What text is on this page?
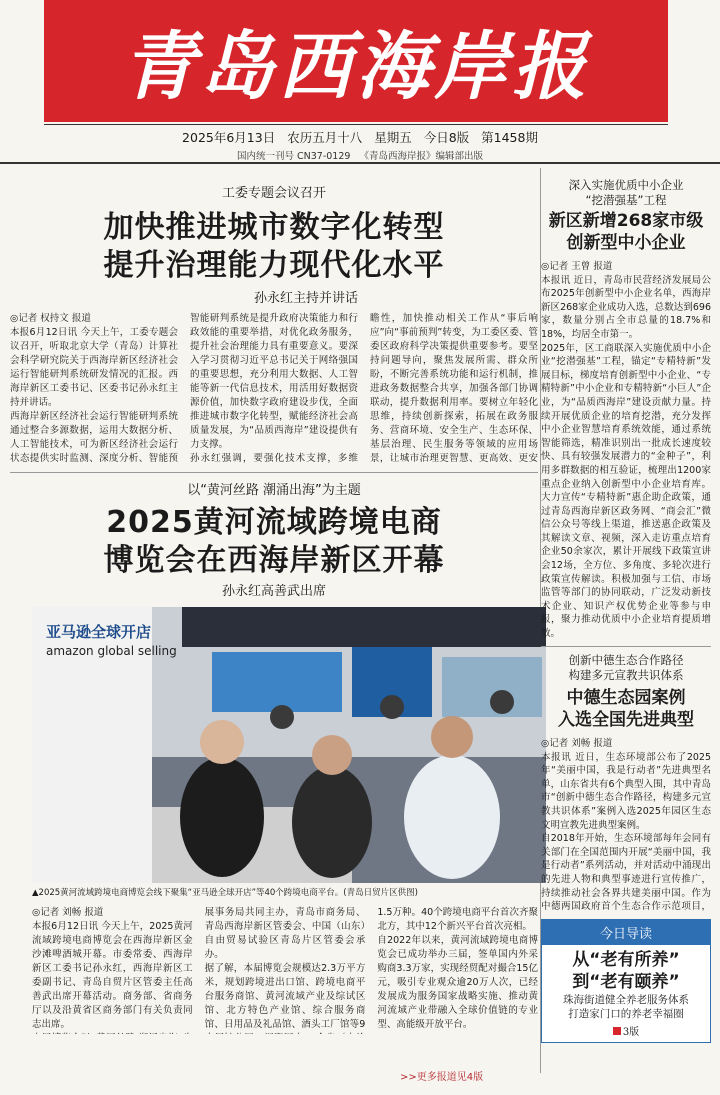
青岛西海岸报
2025年6月13日 农历五月十八 星期五 今日8版 第1458期
国内统一刊号 CN37-0129 《青岛西海岸报》编辑部出版
工委专题会议召开
加快推进城市数字化转型
提升治理能力现代化水平
孙永红主持并讲话
◎记者 权持文 报道
本报6月12日讯 今天上午，工委专题会议召开，听取北京大学（青岛）计算社会科学研究院关于西海岸新区经济社会运行智能研判系统研发情况的汇报。西海岸新区工委书记、区委书记孙永红主持并讲话。
西海岸新区经济社会运行智能研判系统通过整合多源数据，运用大数据分析、人工智能技术，可为新区经济社会运行状态提供实时监测、深度分析、智能预

智能研判系统是提升政府决策能力和行政效能的重要举措，对优化政务服务，提升社会治理能力具有重要意义。要深入学习贯彻习近平总书记关于网络强国的重要思想，充分利用大数据、人工智能等新一代信息技术，用活用好数据资源价值，加快数字政府建设步伐，全面推进城市数字化转型，赋能经济社会高质量发展，为“品质西海岸”建设提供有力支撑。
孙永红强调，要强化技术支撑，多维
瞻性，加快推动相关工作从“事后响应”向“事前预判”转变，为工委区委、管委区政府科学决策提供重要参考。要坚持问题导向，聚焦发展所需、群众所盼，不断完善系统功能和运行机制，推进政务数据整合共享，加强各部门协调联动，提升数据利用率。要树立年轻化思维，持续创新探索，拓展在政务服务、营商环境、安全生产、生态环保、基层治理、民生服务等领域的应用场景，让城市治理更智慧、更高效、更安
以“黄河丝路 潮涌出海”为主题
2025黄河流域跨境电商
博览会在西海岸新区开幕
孙永红高善武出席
亚马逊全球开店
amazon global selling
▲2025黄河流域跨境电商博览会线下聚集“亚马逊全球开店”等40个跨境电商平台。(青岛日贸片区供图)
◎记者 刘畅 报道
本报6月12日讯 今天上午，2025黄河流域跨境电商博览会在西海岸新区金沙滩啤酒城开幕。市委常委、西海岸新区工委书记孙永红，西海岸新区工委副书记、青岛自贸片区管委主任高善武出席开幕活动。商务部、省商务厅以及沿黄省区商务部门有关负责同志出席。

展事务局共同主办，青岛市商务局、青岛西海岸新区管委会、中国（山东）自由贸易试验区青岛片区管委会承办。
据了解，本届博览会规模达2.3万平方米，规划跨境进出口馆、跨境电商平台服务商馆、黄河流域产业及综试区馆、北方特色产业馆、综合服务商馆、日用品及礼品馆、酒头工厂馆等9
1.5万种。40个跨境电商平台首次齐聚北方，其中12个新兴平台首次亮相。
自2022年以来，黄河流域跨境电商博览会已成功举办三届，签单国内外采购商3.3万家，实现经贸配对撮合15亿元，吸引专业观众逾20万人次，已经发展成为服务国家战略实施、推动黄河流域产业带融入全球价值链的专业型、高能级开放平台。
>>更多报道见4版
深入实施优质中小企业
“挖潜强基”工程
新区新增268家市级
创新型中小企业
◎记者 王曾 报道
本报讯 近日，青岛市民营经济发展局公布2025年创新型中小企业名单，西海岸新区268家企业成功入选，总数达到696家，数量分别占全市总量的18.7%和18%，均居全市第一。
2025年，区工商联深入实施优质中小企业“挖潜强基”工程，锚定“专精特新”发展目标，梯度培育创新型中小企业、“专精特新”中小企业和专精特新“小巨人”企业，为“品质西海岸”建设贡献力量。持续开展优质企业的培育挖潜，充分发挥中小企业智慧培育系统效能，通过系统智能筛选，精准识别出一批成长速度较快、具有较强发展潜力的“金种子”，利用多群数据的相互验证，梳理出1200家重点企业纳入创新型中小企业培育库。大力宣传“专精特新”惠企助企政策，通过青岛西海岸新区政务网、“商会汇”微信公众号等线上渠道，推送惠企政策及其解读文章、视频，深入走访重点培育企业50余家次，累计开展线下政策宣讲会12场，全方位、多角度、多轮次进行政策宣传解读。积极加强与工信、市场监管等部门的协同联动，广泛发动新技术企业、知识产权优势企业等参与申报，聚力推动优质中小企业培育提质增效。

创新中德生态合作路径
构建多元宣教共识体系
中德生态园案例
入选全国先进典型
◎记者 刘畅 报道
本报讯 近日，生态环境部公布了2025年“美丽中国，我是行动者”先进典型名单，山东省共有6个典型入围，其中青岛市“创新中德生态合作路径，构建多元宣教共识体系”案例入选2025年园区生态文明宣教先进典型案例。
自2018年开始，生态环境部每年会同有关部门在全国范围内开展“美丽中国，我是行动者”系列活动，并对活动中涌现出的先进人物和典型事迹进行宣传推广，持续推动社会各界共建美丽中国。作为中德两国政府首个生态合作示范项目，
今日导读
从“老有所养”
到“老有颐养”
珠海街道健全养老服务体系
打造家门口的养老幸福圈
3版
